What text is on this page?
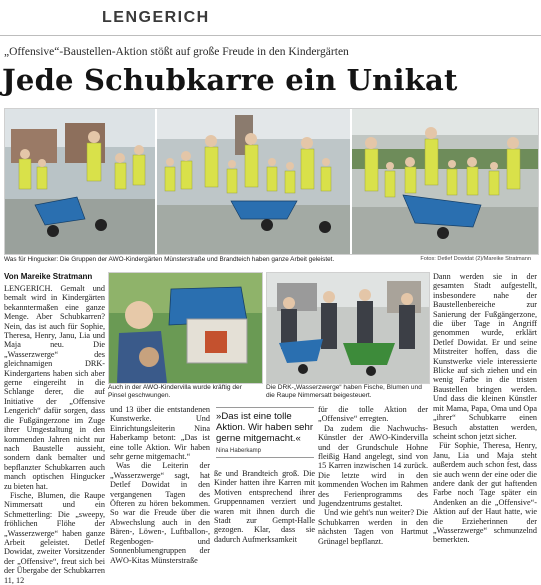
LENGERICH
„Offensive“-Baustellen-Aktion stößt auf große Freude in den Kindergärten
Jede Schubkarre ein Unikat
Was für Hingucker: Die Gruppen der AWO-Kindergärten Münsterstraße und Brandteich haben ganze Arbeit geleistet.	Fotos: Detlef Dowidat (2)/Mareike Stratmann
Von Mareike Stratmann

LENGERICH. Gemalt und bemalt wird in Kindergärten bekanntermaßen eine ganze Menge. Aber Schubkarren? Nein, das ist auch für Sophie, Theresa, Henry, Janu, Lia und Maja neu. Die „Wasserzwerge“ des gleichnamigen DRK-Kindergartens haben sich aber gerne eingereiht in die Schlange derer, die auf Initiative der „Offensive Lengerich“ dafür sorgen, dass die Fußgängerzone im Zuge ihrer Umgestaltung in den kommenden Jahren nicht nur nach Baustelle aussieht, sondern dank bemalter und bepflanzter Schubkarren auch manch optischen Hingucker zu bieten hat.

Fische, Blumen, die Raupe Nimmersatt und ein Schmetterling: Die „sweepy, fröhlichen Flöhe der „Wasserzwerge“ haben ganze Arbeit geleistet. Detlef Dowidat, zweiter Vorsitzender der „Offensive“, freut sich bei der Übergabe der Schubkarren 11, 12

Auch in der AWO-Kindervilla wurde kräftig der Pinsel geschwungen.
Die DRK-„Wasserzwerge“ haben Fische, Blumen und die Raupe Nimmersatt beigesteuert.

und 13 über die entstandenen Kunstwerke. Und Einrichtungsleiterin Nina Haberkamp betont: „Das ist eine tolle Aktion. Wir haben sehr gerne mitgemacht.“

Was die Leiterin der „Wasserzwerge“ sagt, hat Detlef Dowidat in den vergangenen Tagen des Öfteren zu hören bekommen. So war die Freude über die Abwechslung auch in den Bären-, Löwen-, Luftballon-, Regenbogen- und Sonnenblumengruppen der AWO-Kitas Münsterstraße

»Das ist eine tolle Aktion. Wir haben sehr gerne mitgemacht.«
Nina Haberkamp

ße und Brandteich groß. Die Kinder hatten ihre Karren mit Motiven entsprechend ihrer Gruppennamen verziert und waren mit ihnen durch die Stadt zur Gempt-Halle gezogen. Klar, dass sie dadurch Aufmerksamkeit

für die tolle Aktion der „Offensive“ erregten.

Da zudem die Nachwuchs-Künstler der AWO-Kindervilla und der Grundschule Hohne fleißig Hand angelegt, sind von 15 Karren inzwischen 14 zurück. Die letzte wird in den kommenden Wochen im Rahmen des Ferienprogramms des Jugendzentrums gestaltet.

Und wie geht's nun weiter? Die Schubkarren werden in den nächsten Tagen von Hartmut Grünagel bepflanzt.

Dann werden sie in der gesamten Stadt aufgestellt, insbesondere nahe der Baustellenbereiche zur Sanierung der Fußgängerzone, die über Tage in Angriff genommen wurde, erklärt Detlef Dowidat. Er und seine Mitstreiter hoffen, dass die Kunstwerke viele interessierte Blicke auf sich ziehen und ein wenig Farbe in die tristen Baustellen bringen werden. Und dass die kleinen Künstler mit Mama, Papa, Oma und Opa „ihrer“ Schubkarre einen Besuch abstatten werden, scheint schon jetzt sicher.

Für Sophie, Theresa, Henry, Janu, Lia und Maja steht außerdem auch schon fest, dass sie auch wenn der eine oder die andere dank der gut haftenden Farbe noch Tage später ein Andenken an die „Offensive“-Aktion auf der Haut hatte, wie die Erzieherinnen der „Wasserzwerge“ schmunzelnd bemerkten.
